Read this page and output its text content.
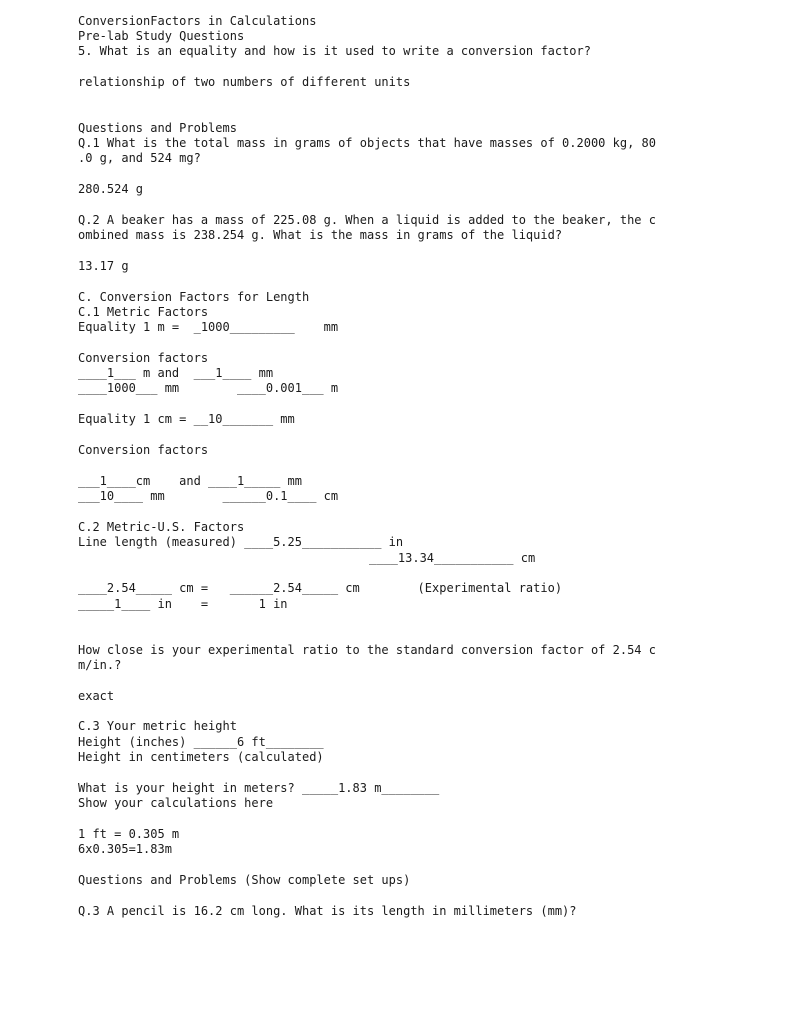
ConversionFactors in Calculations
Pre-lab Study Questions
5. What is an equality and how is it used to write a conversion factor?
relationship of two numbers of different units
Questions and Problems
Q.1 What is the total mass in grams of objects that have masses of 0.2000 kg, 80
.0 g, and 524 mg?
280.524 g
Q.2 A beaker has a mass of 225.08 g. When a liquid is added to the beaker, the c
ombined mass is 238.254 g. What is the mass in grams of the liquid?
13.17 g
C. Conversion Factors for Length
C.1 Metric Factors
Equality 1 m =  _1000_________    mm
Conversion factors
____1___ m and  ___1____ mm
____1000___ mm        ____0.001___ m
Equality 1 cm = __10_______ mm
Conversion factors
___1____cm    and ____1_____ mm
___10____ mm        ______0.1____ cm
C.2 Metric-U.S. Factors
Line length (measured) ____5.25___________ in
____13.34___________ cm
____2.54_____ cm =   ______2.54_____ cm        (Experimental ratio)
_____1____ in    =       1 in
How close is your experimental ratio to the standard conversion factor of 2.54 c
m/in.?
exact
C.3 Your metric height
Height (inches) ______6 ft________
Height in centimeters (calculated)
What is your height in meters? _____1.83 m________
Show your calculations here
1 ft = 0.305 m
6x0.305=1.83m
Questions and Problems (Show complete set ups)
Q.3 A pencil is 16.2 cm long. What is its length in millimeters (mm)?
